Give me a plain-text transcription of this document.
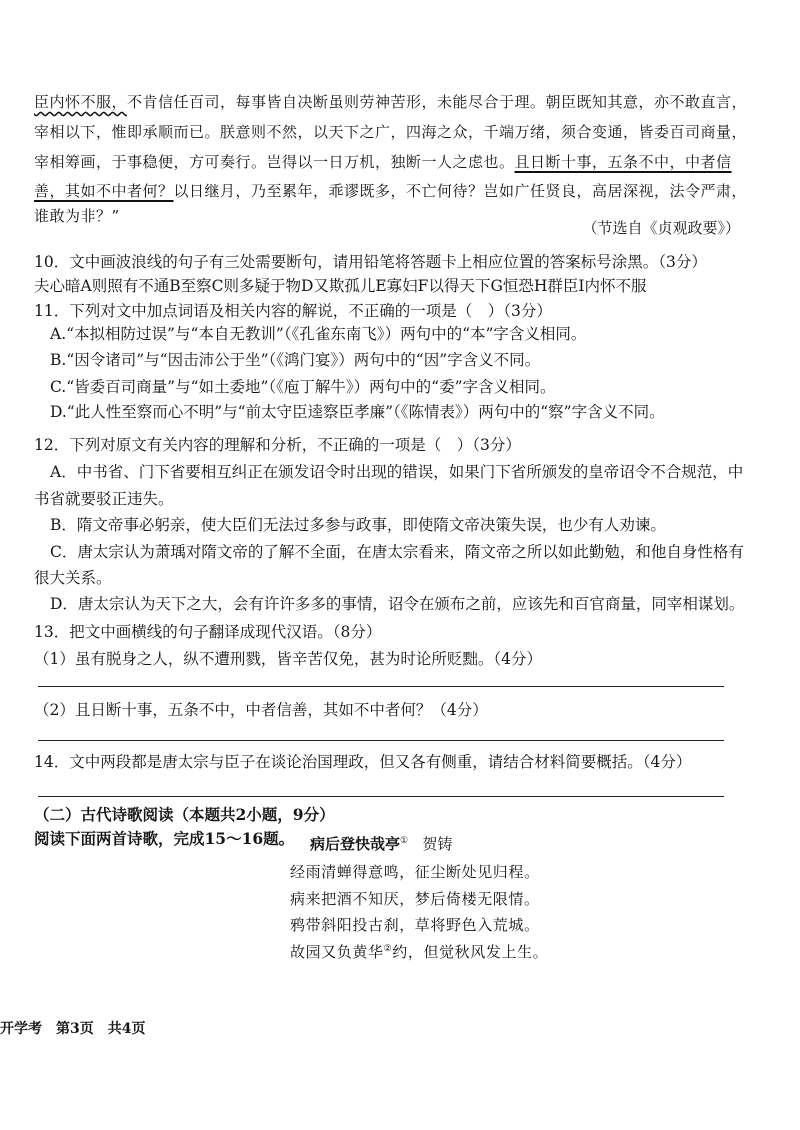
臣内怀不服，不肯信任百司，每事皆自决断虽则劳神苦形，未能尽合于理。朝臣既知其意，亦不敢直言，
宰相以下，惟即承顺而已。朕意则不然，以天下之广，四海之众，千端万绪，须合变通，皆委百司商量，
宰相筹画，于事稳便，方可奏行。岂得以一日万机，独断一人之虑也。且日断十事，五条不中，中者信
善，其如不中者何？以日继月，乃至累年，乖谬既多，不亡何待？岂如广任贤良，高居深视，法令严肃，
谁敢为非？”
（节选自《贞观政要》）
10．文中画波浪线的句子有三处需要断句，请用铅笔将答题卡上相应位置的答案标号涂黑。（3分）
夫心暗A则照有不通B至察C则多疑于物D又欺孤儿E寡妇F以得天下G恒恐H群臣I内怀不服
11．下列对文中加点词语及相关内容的解说，不正确的一项是（　）（3分）
A.“本拟相防过误”与“本自无教训”（《孔雀东南飞》）两句中的“本”字含义相同。
B.“因令诸司”与“因击沛公于坐”（《鸿门宴》）两句中的“因”字含义不同。
C.“皆委百司商量”与“如土委地”（《庖丁解牛》）两句中的“委”字含义相同。
D.“此人性至察而心不明”与“前太守臣逵察臣孝廉”（《陈情表》）两句中的“察”字含义不同。
12．下列对原文有关内容的理解和分析，不正确的一项是（　）（3分）
A．中书省、门下省要相互纠正在颁发诏令时出现的错误，如果门下省所颁发的皇帝诏令不合规范，中
书省就要驳正违失。
B．隋文帝事必躬亲，使大臣们无法过多参与政事，即使隋文帝决策失误，也少有人劝谏。
C．唐太宗认为萧瑀对隋文帝的了解不全面，在唐太宗看来，隋文帝之所以如此勤勉，和他自身性格有
很大关系。
D．唐太宗认为天下之大，会有许许多多的事情，诏令在颁布之前，应该先和百官商量，同宰相谋划。
13．把文中画横线的句子翻译成现代汉语。（8分）
（1）虽有脱身之人，纵不遭刑戮，皆辛苦仅免，甚为时论所贬黜。（4分）
（2）且日断十事，五条不中，中者信善，其如不中者何？（4分）
14．文中两段都是唐太宗与臣子在谈论治国理政，但又各有侧重，请结合材料简要概括。（4分）
（二）古代诗歌阅读（本题共2小题，9分）
阅读下面两首诗歌，完成15～16题。 病后登快哉亭① 贺铸
经雨清蝉得意鸣，征尘断处见归程。
病来把酒不知厌，梦后倚楼无限情。
鸦带斜阳投古刹，草将野色入荒城。
故园又负黄华②约，但觉秋风发上生。
开学考　第3页　共4页
